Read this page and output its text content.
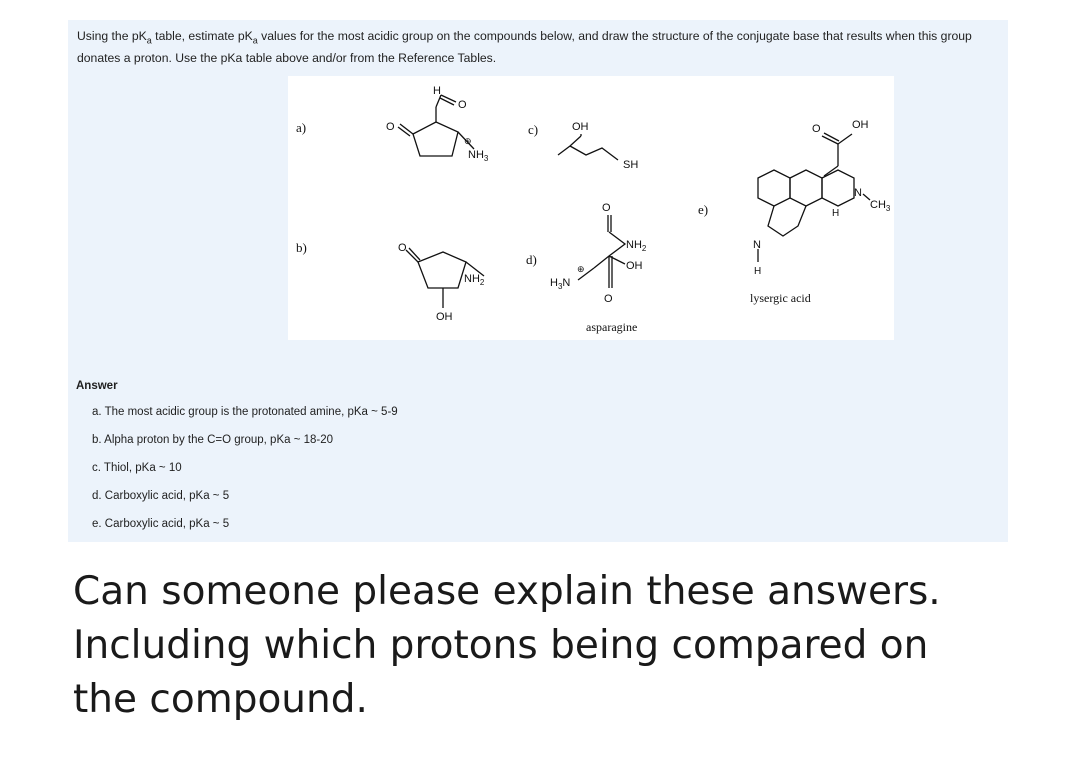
Using the $pK_a$ table, estimate $pK_a$ values for the most acidic group on the compounds below, and draw the structure of the conjugate base that results when this group donates a proton. Use the pKa table above and/or from the Reference Tables.
a)
H
O
O
⊕
$NH_3$
b)	O
$NH_2$
OH
c)	OH
SH
d)
O
$NH_2$
OH
O
⊕
$H_3N$
asparagine
e)
N
H
O	OH
N
$CH_3$
H
lysergic acid
Answer
a. The most acidic group is the protonated amine, pKa ~ 5-9
b. Alpha proton by the C=O group, pKa ~ 18-20
c. Thiol, pKa ~ 10
d. Carboxylic acid, pKa ~ 5
e. Carboxylic acid, pKa ~ 5

Can someone please explain these answers. Including which protons being compared on the compound.
